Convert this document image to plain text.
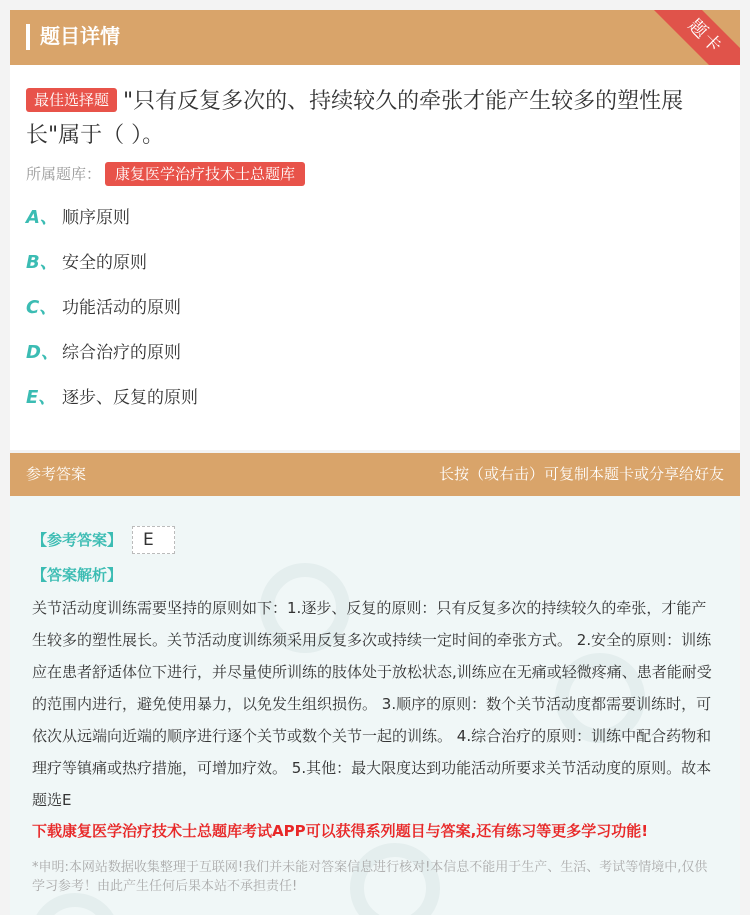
题目详情	题卡
最佳选择题 "只有反复多次的、持续较久的牵张才能产生较多的塑性展长"属于（ ）。
所属题库： 康复医学治疗技术士总题库
A、 顺序原则
B、 安全的原则
C、 功能活动的原则
D、 综合治疗的原则
E、 逐步、反复的原则
参考答案	长按（或右击）可复制本题卡或分享给好友
【参考答案】	E
【答案解析】
关节活动度训练需要坚持的原则如下：1.逐步、反复的原则：只有反复多次的持续较久的牵张，才能产生较多的塑性展长。关节活动度训练须采用反复多次或持续一定时间的牵张方式。 2.安全的原则：训练应在患者舒适体位下进行，并尽量使所训练的肢体处于放松状态,训练应在无痛或轻微疼痛、患者能耐受的范围内进行，避免使用暴力，以免发生组织损伤。 3.顺序的原则：数个关节活动度都需要训练时，可依次从远端向近端的顺序进行逐个关节或数个关节一起的训练。 4.综合治疗的原则：训练中配合药物和理疗等镇痛或热疗措施，可增加疗效。 5.其他：最大限度达到功能活动所要求关节活动度的原则。故本题选E
下载康复医学治疗技术士总题库考试APP可以获得系列题目与答案,还有练习等更多学习功能!
*申明:本网站数据收集整理于互联网!我们并未能对答案信息进行核对!本信息不能用于生产、生活、考试等情境中,仅供学习参考！由此产生任何后果本站不承担责任!
